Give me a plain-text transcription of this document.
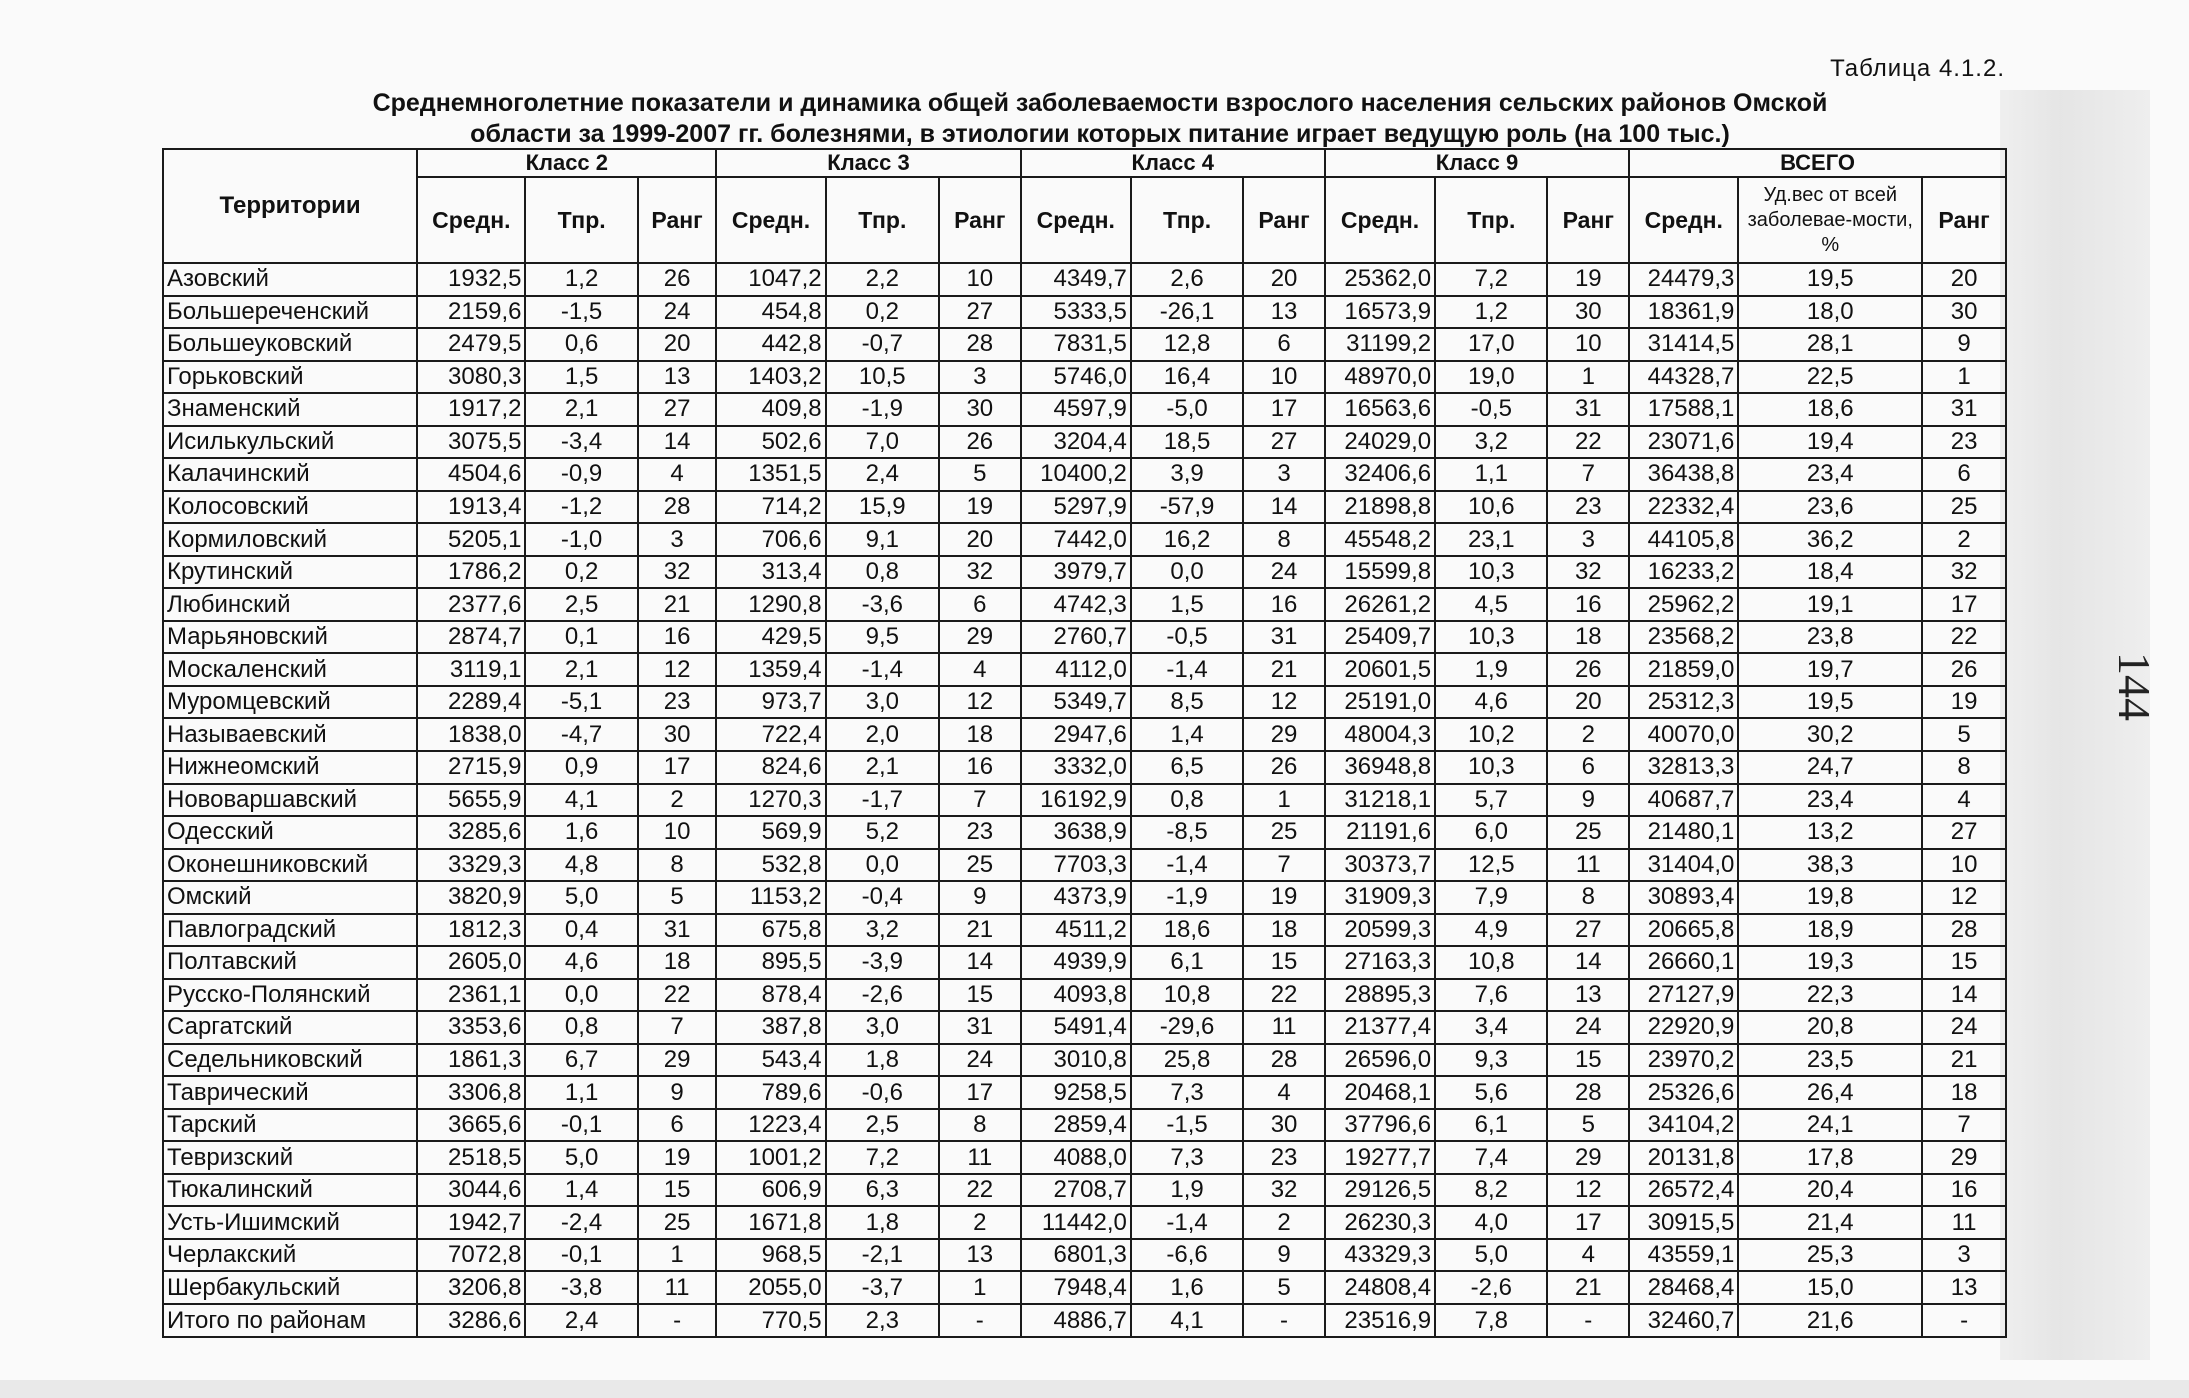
Таблица 4.1.2.
Среднемноголетние показатели и динамика общей заболеваемости взрослого населения сельских районов Омской
области за 1999-2007 гг. болезнями, в этиологии которых питание играет ведущую роль (на 100 тыс.)
144
Территории	Класс 2			Класс 3			Класс 4			Класс 9			ВСЕГО		
	Средн.	Тпр.	Ранг	Средн.	Тпр.	Ранг	Средн.	Тпр.	Ранг	Средн.	Тпр.	Ранг	Средн.	Уд.вес от всей заболевае-мости, %	Ранг
Азовский	1932,5	1,2	26	1047,2	2,2	10	4349,7	2,6	20	25362,0	7,2	19	24479,3	19,5	20
Большереченский	2159,6	-1,5	24	454,8	0,2	27	5333,5	-26,1	13	16573,9	1,2	30	18361,9	18,0	30
Большеуковский	2479,5	0,6	20	442,8	-0,7	28	7831,5	12,8	6	31199,2	17,0	10	31414,5	28,1	9
Горьковский	3080,3	1,5	13	1403,2	10,5	3	5746,0	16,4	10	48970,0	19,0	1	44328,7	22,5	1
Знаменский	1917,2	2,1	27	409,8	-1,9	30	4597,9	-5,0	17	16563,6	-0,5	31	17588,1	18,6	31
Исилькульский	3075,5	-3,4	14	502,6	7,0	26	3204,4	18,5	27	24029,0	3,2	22	23071,6	19,4	23
Калачинский	4504,6	-0,9	4	1351,5	2,4	5	10400,2	3,9	3	32406,6	1,1	7	36438,8	23,4	6
Колосовский	1913,4	-1,2	28	714,2	15,9	19	5297,9	-57,9	14	21898,8	10,6	23	22332,4	23,6	25
Кормиловский	5205,1	-1,0	3	706,6	9,1	20	7442,0	16,2	8	45548,2	23,1	3	44105,8	36,2	2
Крутинский	1786,2	0,2	32	313,4	0,8	32	3979,7	0,0	24	15599,8	10,3	32	16233,2	18,4	32
Любинский	2377,6	2,5	21	1290,8	-3,6	6	4742,3	1,5	16	26261,2	4,5	16	25962,2	19,1	17
Марьяновский	2874,7	0,1	16	429,5	9,5	29	2760,7	-0,5	31	25409,7	10,3	18	23568,2	23,8	22
Москаленский	3119,1	2,1	12	1359,4	-1,4	4	4112,0	-1,4	21	20601,5	1,9	26	21859,0	19,7	26
Муромцевский	2289,4	-5,1	23	973,7	3,0	12	5349,7	8,5	12	25191,0	4,6	20	25312,3	19,5	19
Называевский	1838,0	-4,7	30	722,4	2,0	18	2947,6	1,4	29	48004,3	10,2	2	40070,0	30,2	5
Нижнеомский	2715,9	0,9	17	824,6	2,1	16	3332,0	6,5	26	36948,8	10,3	6	32813,3	24,7	8
Нововаршавский	5655,9	4,1	2	1270,3	-1,7	7	16192,9	0,8	1	31218,1	5,7	9	40687,7	23,4	4
Одесский	3285,6	1,6	10	569,9	5,2	23	3638,9	-8,5	25	21191,6	6,0	25	21480,1	13,2	27
Оконешниковский	3329,3	4,8	8	532,8	0,0	25	7703,3	-1,4	7	30373,7	12,5	11	31404,0	38,3	10
Омский	3820,9	5,0	5	1153,2	-0,4	9	4373,9	-1,9	19	31909,3	7,9	8	30893,4	19,8	12
Павлоградский	1812,3	0,4	31	675,8	3,2	21	4511,2	18,6	18	20599,3	4,9	27	20665,8	18,9	28
Полтавский	2605,0	4,6	18	895,5	-3,9	14	4939,9	6,1	15	27163,3	10,8	14	26660,1	19,3	15
Русско-Полянский	2361,1	0,0	22	878,4	-2,6	15	4093,8	10,8	22	28895,3	7,6	13	27127,9	22,3	14
Саргатский	3353,6	0,8	7	387,8	3,0	31	5491,4	-29,6	11	21377,4	3,4	24	22920,9	20,8	24
Седельниковский	1861,3	6,7	29	543,4	1,8	24	3010,8	25,8	28	26596,0	9,3	15	23970,2	23,5	21
Таврический	3306,8	1,1	9	789,6	-0,6	17	9258,5	7,3	4	20468,1	5,6	28	25326,6	26,4	18
Тарский	3665,6	-0,1	6	1223,4	2,5	8	2859,4	-1,5	30	37796,6	6,1	5	34104,2	24,1	7
Тевризский	2518,5	5,0	19	1001,2	7,2	11	4088,0	7,3	23	19277,7	7,4	29	20131,8	17,8	29
Тюкалинский	3044,6	1,4	15	606,9	6,3	22	2708,7	1,9	32	29126,5	8,2	12	26572,4	20,4	16
Усть-Ишимский	1942,7	-2,4	25	1671,8	1,8	2	11442,0	-1,4	2	26230,3	4,0	17	30915,5	21,4	11
Черлакский	7072,8	-0,1	1	968,5	-2,1	13	6801,3	-6,6	9	43329,3	5,0	4	43559,1	25,3	3
Шербакульский	3206,8	-3,8	11	2055,0	-3,7	1	7948,4	1,6	5	24808,4	-2,6	21	28468,4	15,0	13
Итого по районам	3286,6	2,4	-	770,5	2,3	-	4886,7	4,1	-	23516,9	7,8	-	32460,7	21,6	-
